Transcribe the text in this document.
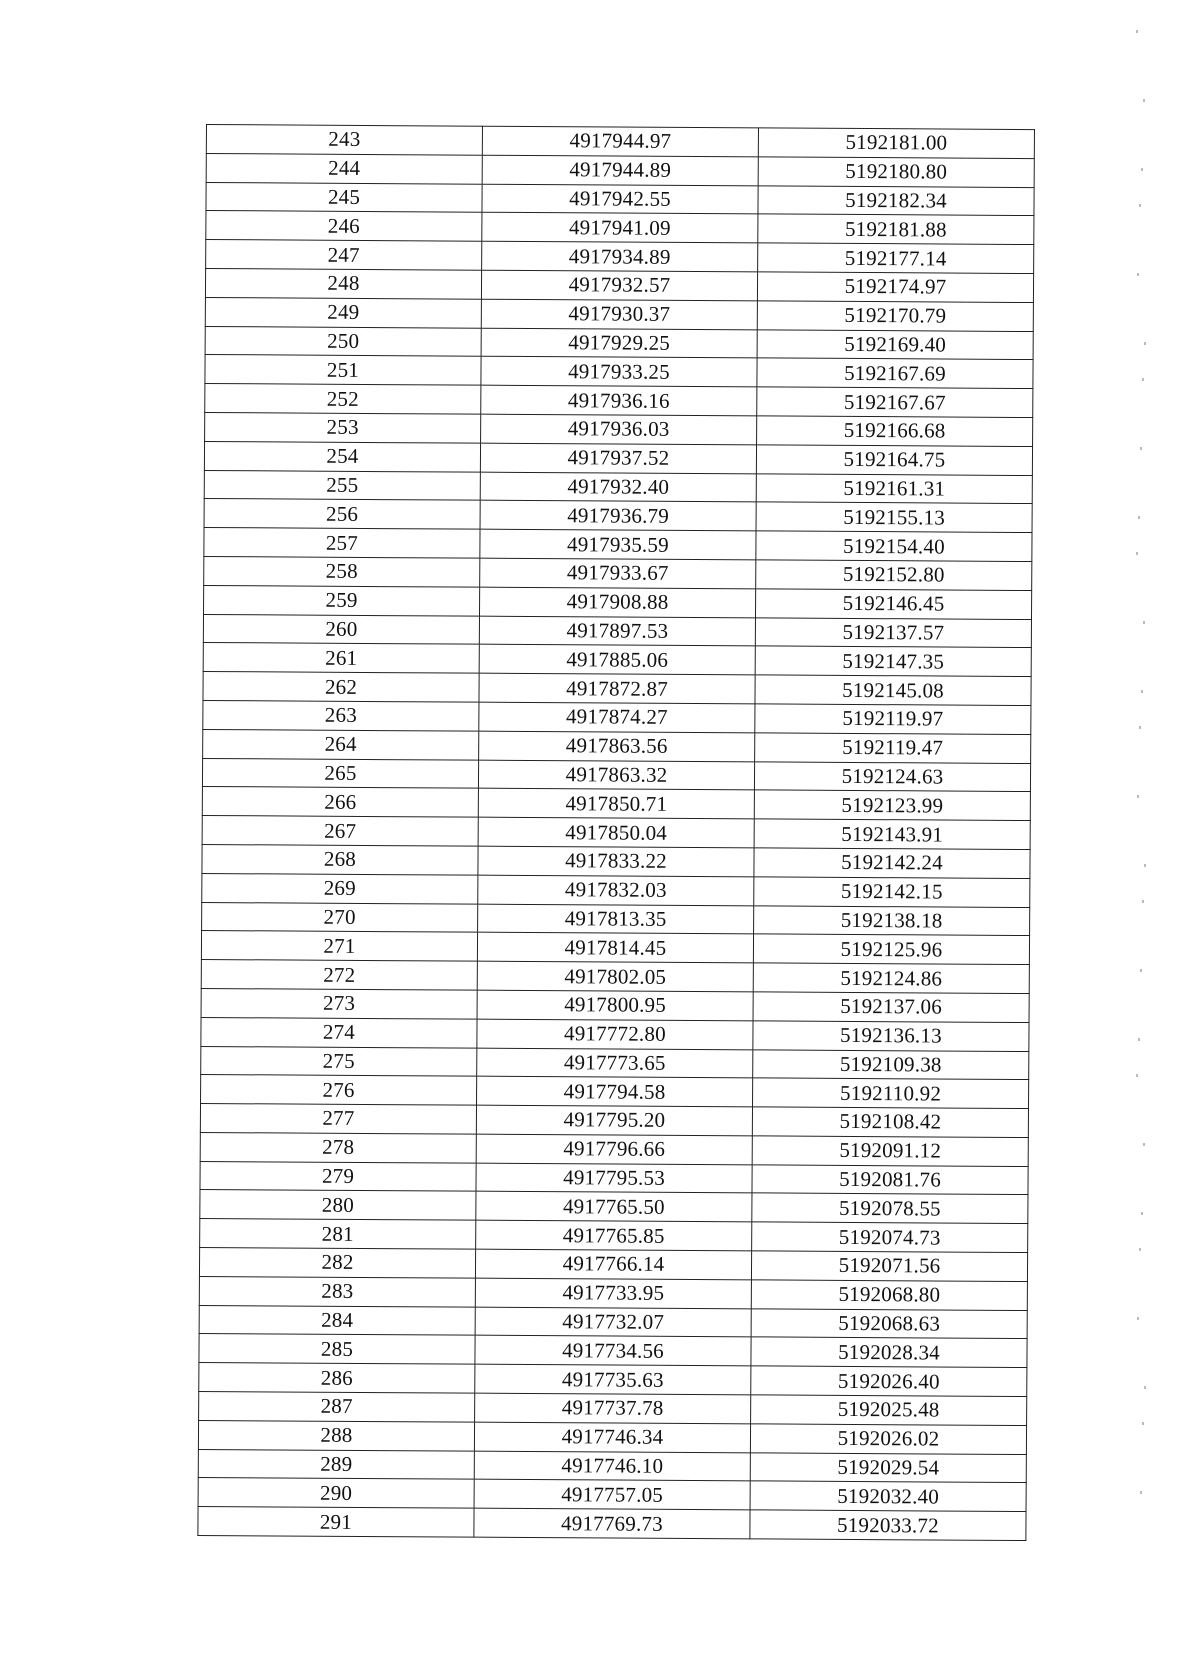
243	4917944.97	5192181.00
244	4917944.89	5192180.80
245	4917942.55	5192182.34
246	4917941.09	5192181.88
247	4917934.89	5192177.14
248	4917932.57	5192174.97
249	4917930.37	5192170.79
250	4917929.25	5192169.40
251	4917933.25	5192167.69
252	4917936.16	5192167.67
253	4917936.03	5192166.68
254	4917937.52	5192164.75
255	4917932.40	5192161.31
256	4917936.79	5192155.13
257	4917935.59	5192154.40
258	4917933.67	5192152.80
259	4917908.88	5192146.45
260	4917897.53	5192137.57
261	4917885.06	5192147.35
262	4917872.87	5192145.08
263	4917874.27	5192119.97
264	4917863.56	5192119.47
265	4917863.32	5192124.63
266	4917850.71	5192123.99
267	4917850.04	5192143.91
268	4917833.22	5192142.24
269	4917832.03	5192142.15
270	4917813.35	5192138.18
271	4917814.45	5192125.96
272	4917802.05	5192124.86
273	4917800.95	5192137.06
274	4917772.80	5192136.13
275	4917773.65	5192109.38
276	4917794.58	5192110.92
277	4917795.20	5192108.42
278	4917796.66	5192091.12
279	4917795.53	5192081.76
280	4917765.50	5192078.55
281	4917765.85	5192074.73
282	4917766.14	5192071.56
283	4917733.95	5192068.80
284	4917732.07	5192068.63
285	4917734.56	5192028.34
286	4917735.63	5192026.40
287	4917737.78	5192025.48
288	4917746.34	5192026.02
289	4917746.10	5192029.54
290	4917757.05	5192032.40
291	4917769.73	5192033.72
